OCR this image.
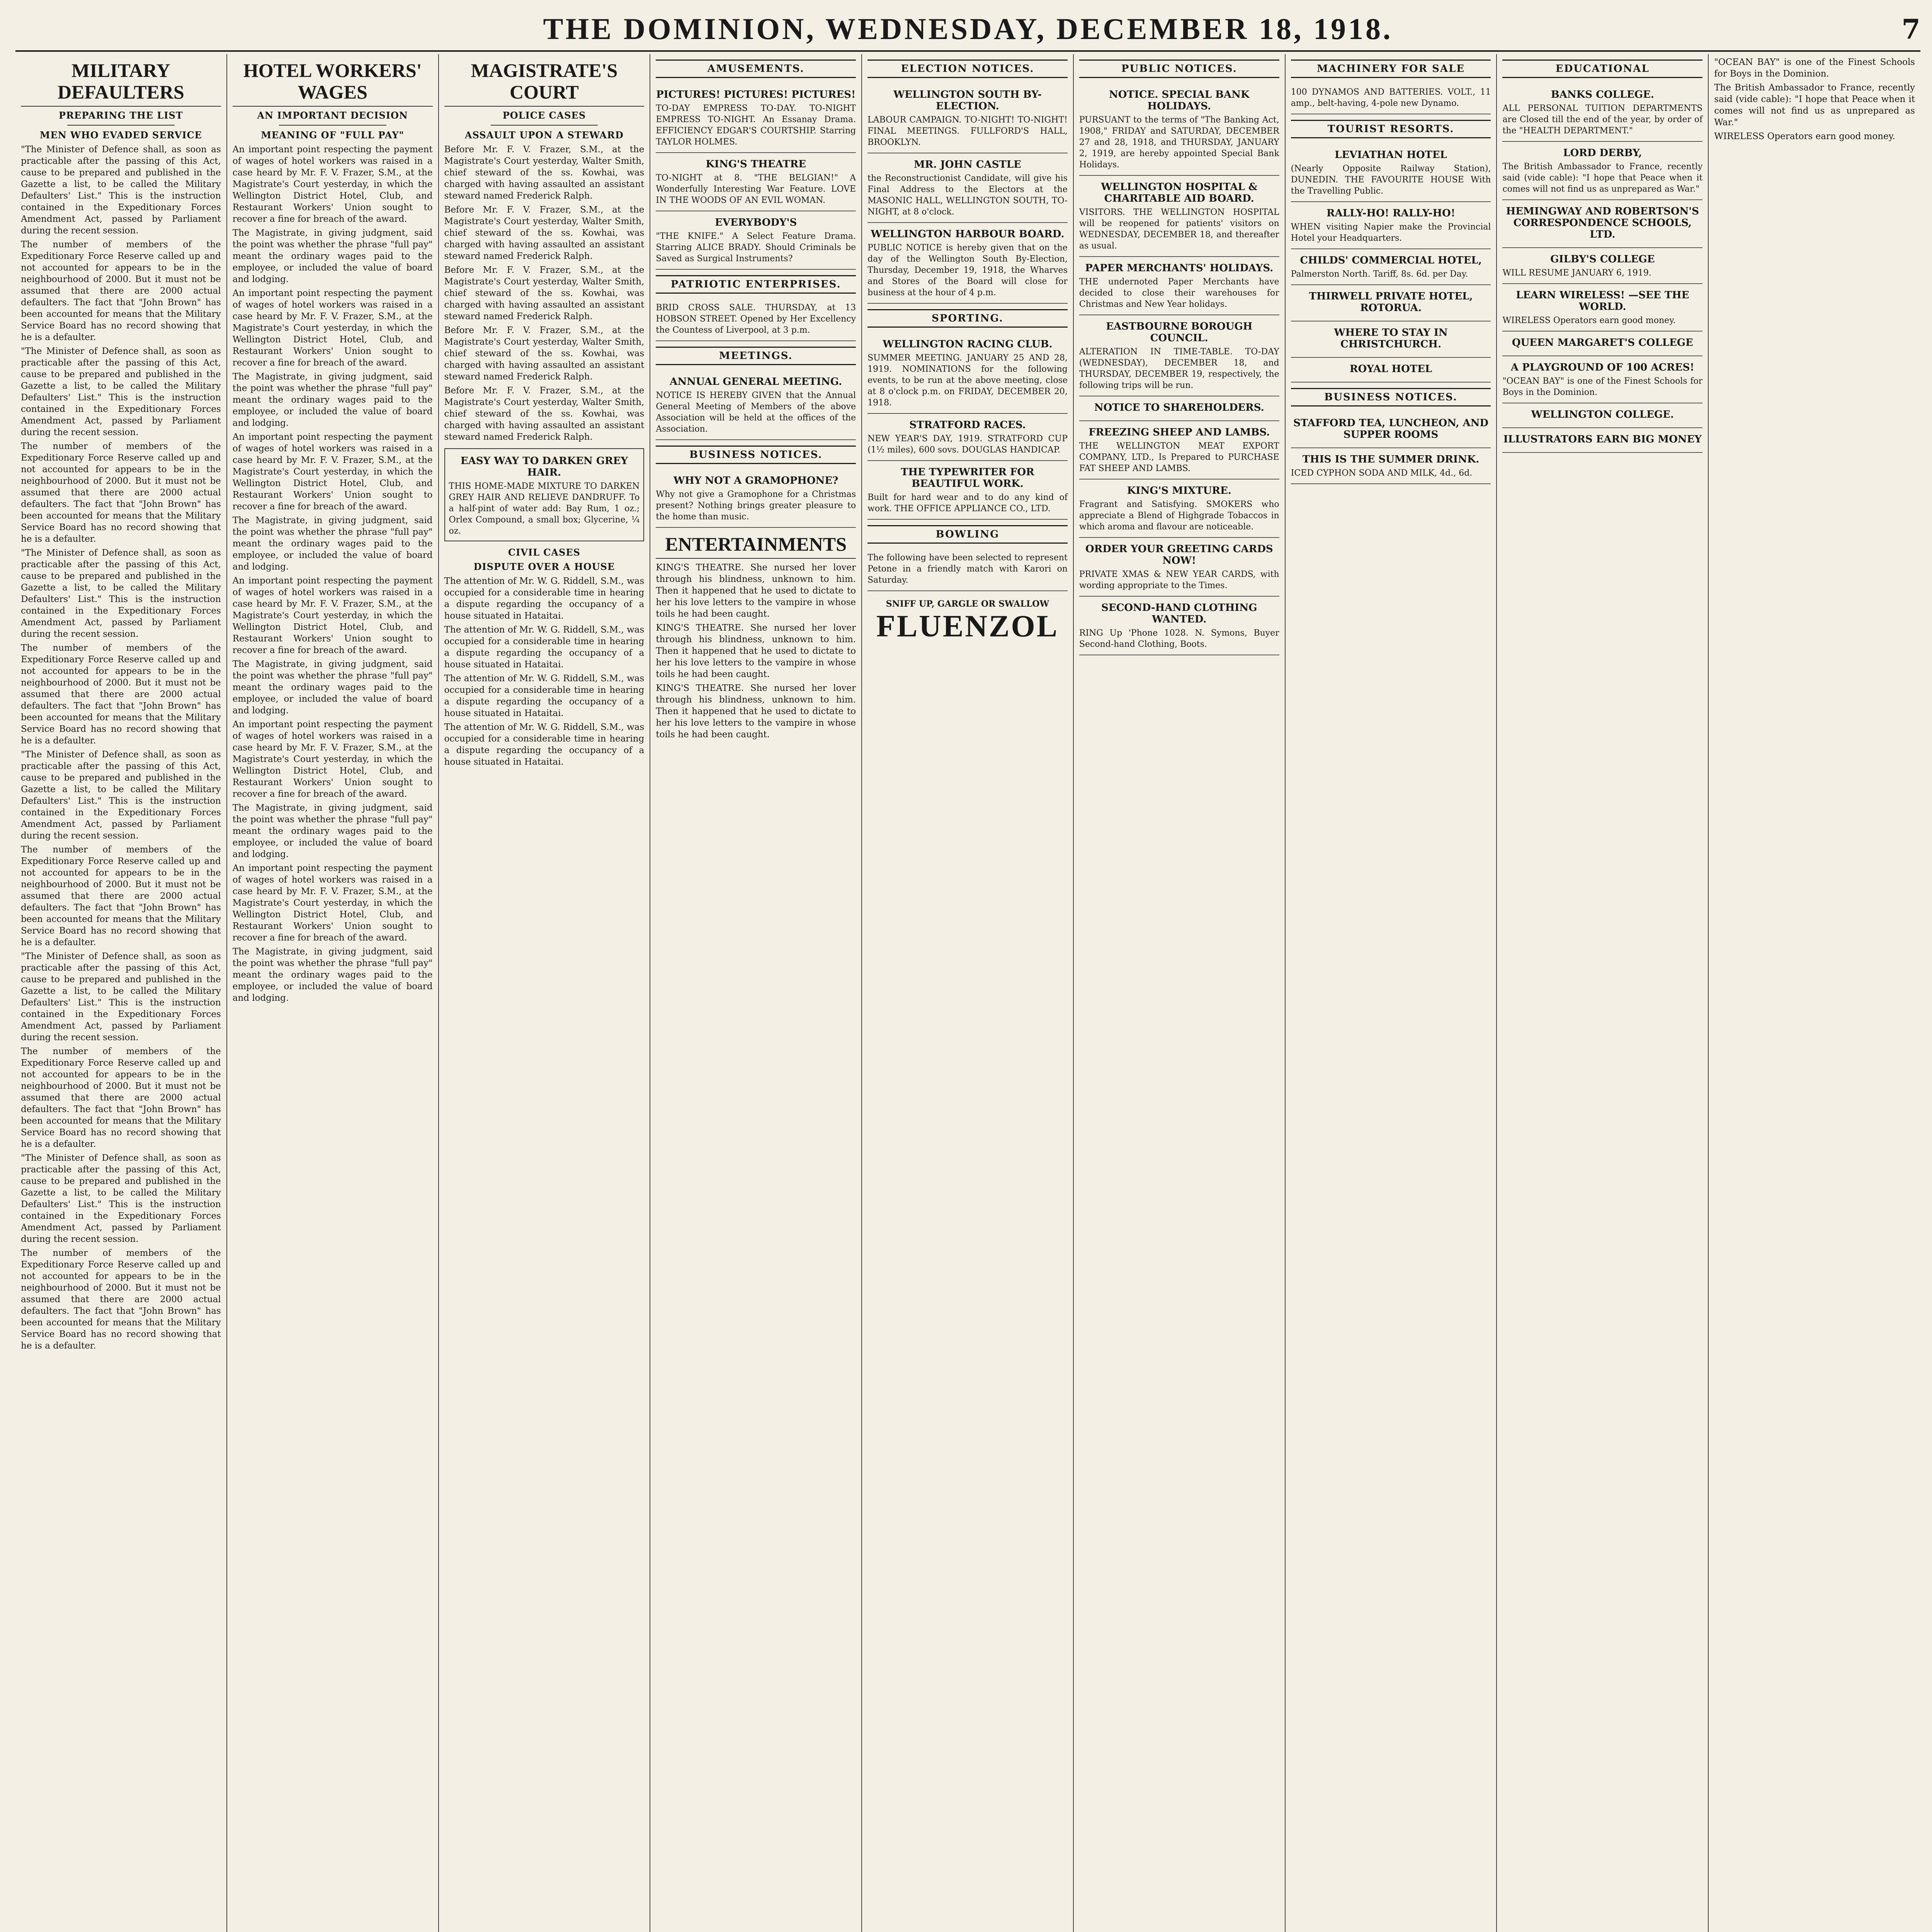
THE DOMINION, WEDNESDAY, DECEMBER 18, 1918.	7
MILITARY DEFAULTERS
PREPARING THE LIST
MEN WHO EVADED SERVICE
"The Minister of Defence shall, as soon as practicable after the passing of this Act, cause to be prepared and published in the Gazette a list, to be called the Military Defaulters' List." This is the instruction contained in the Expeditionary Forces Amendment Act, passed by Parliament during the recent session.
The number of members of the Expeditionary Force Reserve called up and not accounted for appears to be in the neighbourhood of 2000. But it must not be assumed that there are 2000 actual defaulters. The fact that "John Brown" has been accounted for means that the Military Service Board has no record showing that he is a defaulter.
"The Minister of Defence shall, as soon as practicable after the passing of this Act, cause to be prepared and published in the Gazette a list, to be called the Military Defaulters' List." This is the instruction contained in the Expeditionary Forces Amendment Act, passed by Parliament during the recent session.
The number of members of the Expeditionary Force Reserve called up and not accounted for appears to be in the neighbourhood of 2000. But it must not be assumed that there are 2000 actual defaulters. The fact that "John Brown" has been accounted for means that the Military Service Board has no record showing that he is a defaulter.
"The Minister of Defence shall, as soon as practicable after the passing of this Act, cause to be prepared and published in the Gazette a list, to be called the Military Defaulters' List." This is the instruction contained in the Expeditionary Forces Amendment Act, passed by Parliament during the recent session.
The number of members of the Expeditionary Force Reserve called up and not accounted for appears to be in the neighbourhood of 2000. But it must not be assumed that there are 2000 actual defaulters. The fact that "John Brown" has been accounted for means that the Military Service Board has no record showing that he is a defaulter.
"The Minister of Defence shall, as soon as practicable after the passing of this Act, cause to be prepared and published in the Gazette a list, to be called the Military Defaulters' List." This is the instruction contained in the Expeditionary Forces Amendment Act, passed by Parliament during the recent session.
The number of members of the Expeditionary Force Reserve called up and not accounted for appears to be in the neighbourhood of 2000. But it must not be assumed that there are 2000 actual defaulters. The fact that "John Brown" has been accounted for means that the Military Service Board has no record showing that he is a defaulter.
"The Minister of Defence shall, as soon as practicable after the passing of this Act, cause to be prepared and published in the Gazette a list, to be called the Military Defaulters' List." This is the instruction contained in the Expeditionary Forces Amendment Act, passed by Parliament during the recent session.
The number of members of the Expeditionary Force Reserve called up and not accounted for appears to be in the neighbourhood of 2000. But it must not be assumed that there are 2000 actual defaulters. The fact that "John Brown" has been accounted for means that the Military Service Board has no record showing that he is a defaulter.
"The Minister of Defence shall, as soon as practicable after the passing of this Act, cause to be prepared and published in the Gazette a list, to be called the Military Defaulters' List." This is the instruction contained in the Expeditionary Forces Amendment Act, passed by Parliament during the recent session.
The number of members of the Expeditionary Force Reserve called up and not accounted for appears to be in the neighbourhood of 2000. But it must not be assumed that there are 2000 actual defaulters. The fact that "John Brown" has been accounted for means that the Military Service Board has no record showing that he is a defaulter.
HOTEL WORKERS' WAGES
AN IMPORTANT DECISION
MEANING OF "FULL PAY"
An important point respecting the payment of wages of hotel workers was raised in a case heard by Mr. F. V. Frazer, S.M., at the Magistrate's Court yesterday, in which the Wellington District Hotel, Club, and Restaurant Workers' Union sought to recover a fine for breach of the award.
The Magistrate, in giving judgment, said the point was whether the phrase "full pay" meant the ordinary wages paid to the employee, or included the value of board and lodging.
An important point respecting the payment of wages of hotel workers was raised in a case heard by Mr. F. V. Frazer, S.M., at the Magistrate's Court yesterday, in which the Wellington District Hotel, Club, and Restaurant Workers' Union sought to recover a fine for breach of the award.
The Magistrate, in giving judgment, said the point was whether the phrase "full pay" meant the ordinary wages paid to the employee, or included the value of board and lodging.
An important point respecting the payment of wages of hotel workers was raised in a case heard by Mr. F. V. Frazer, S.M., at the Magistrate's Court yesterday, in which the Wellington District Hotel, Club, and Restaurant Workers' Union sought to recover a fine for breach of the award.
The Magistrate, in giving judgment, said the point was whether the phrase "full pay" meant the ordinary wages paid to the employee, or included the value of board and lodging.
An important point respecting the payment of wages of hotel workers was raised in a case heard by Mr. F. V. Frazer, S.M., at the Magistrate's Court yesterday, in which the Wellington District Hotel, Club, and Restaurant Workers' Union sought to recover a fine for breach of the award.
The Magistrate, in giving judgment, said the point was whether the phrase "full pay" meant the ordinary wages paid to the employee, or included the value of board and lodging.
An important point respecting the payment of wages of hotel workers was raised in a case heard by Mr. F. V. Frazer, S.M., at the Magistrate's Court yesterday, in which the Wellington District Hotel, Club, and Restaurant Workers' Union sought to recover a fine for breach of the award.
The Magistrate, in giving judgment, said the point was whether the phrase "full pay" meant the ordinary wages paid to the employee, or included the value of board and lodging.
An important point respecting the payment of wages of hotel workers was raised in a case heard by Mr. F. V. Frazer, S.M., at the Magistrate's Court yesterday, in which the Wellington District Hotel, Club, and Restaurant Workers' Union sought to recover a fine for breach of the award.
The Magistrate, in giving judgment, said the point was whether the phrase "full pay" meant the ordinary wages paid to the employee, or included the value of board and lodging.
MAGISTRATE'S COURT
POLICE CASES
ASSAULT UPON A STEWARD
Before Mr. F. V. Frazer, S.M., at the Magistrate's Court yesterday, Walter Smith, chief steward of the ss. Kowhai, was charged with having assaulted an assistant steward named Frederick Ralph.
Before Mr. F. V. Frazer, S.M., at the Magistrate's Court yesterday, Walter Smith, chief steward of the ss. Kowhai, was charged with having assaulted an assistant steward named Frederick Ralph.
Before Mr. F. V. Frazer, S.M., at the Magistrate's Court yesterday, Walter Smith, chief steward of the ss. Kowhai, was charged with having assaulted an assistant steward named Frederick Ralph.
Before Mr. F. V. Frazer, S.M., at the Magistrate's Court yesterday, Walter Smith, chief steward of the ss. Kowhai, was charged with having assaulted an assistant steward named Frederick Ralph.
Before Mr. F. V. Frazer, S.M., at the Magistrate's Court yesterday, Walter Smith, chief steward of the ss. Kowhai, was charged with having assaulted an assistant steward named Frederick Ralph.
EASY WAY TO DARKEN GREY HAIR.
THIS HOME-MADE MIXTURE TO DARKEN GREY HAIR AND RELIEVE DANDRUFF. To a half-pint of water add: Bay Rum, 1 oz.; Orlex Compound, a small box; Glycerine, ¼ oz.
CIVIL CASES
DISPUTE OVER A HOUSE
The attention of Mr. W. G. Riddell, S.M., was occupied for a considerable time in hearing a dispute regarding the occupancy of a house situated in Hataitai.
The attention of Mr. W. G. Riddell, S.M., was occupied for a considerable time in hearing a dispute regarding the occupancy of a house situated in Hataitai.
The attention of Mr. W. G. Riddell, S.M., was occupied for a considerable time in hearing a dispute regarding the occupancy of a house situated in Hataitai.
The attention of Mr. W. G. Riddell, S.M., was occupied for a considerable time in hearing a dispute regarding the occupancy of a house situated in Hataitai.
AMUSEMENTS.
PICTURES! PICTURES! PICTURES!
TO-DAY EMPRESS TO-DAY. TO-NIGHT EMPRESS TO-NIGHT. An Essanay Drama. EFFICIENCY EDGAR'S COURTSHIP. Starring TAYLOR HOLMES.
KING'S THEATRE
TO-NIGHT at 8. "THE BELGIAN!" A Wonderfully Interesting War Feature. LOVE IN THE WOODS OF AN EVIL WOMAN.
EVERYBODY'S
"THE KNIFE." A Select Feature Drama. Starring ALICE BRADY. Should Criminals be Saved as Surgical Instruments?
PATRIOTIC ENTERPRISES.
BRID CROSS SALE. THURSDAY, at 13 HOBSON STREET. Opened by Her Excellency the Countess of Liverpool, at 3 p.m.
MEETINGS.
ANNUAL GENERAL MEETING.
NOTICE IS HEREBY GIVEN that the Annual General Meeting of Members of the above Association will be held at the offices of the Association.
BUSINESS NOTICES.
WHY NOT A GRAMOPHONE?
Why not give a Gramophone for a Christmas present? Nothing brings greater pleasure to the home than music.
ENTERTAINMENTS
KING'S THEATRE. She nursed her lover through his blindness, unknown to him. Then it happened that he used to dictate to her his love letters to the vampire in whose toils he had been caught.
KING'S THEATRE. She nursed her lover through his blindness, unknown to him. Then it happened that he used to dictate to her his love letters to the vampire in whose toils he had been caught.
KING'S THEATRE. She nursed her lover through his blindness, unknown to him. Then it happened that he used to dictate to her his love letters to the vampire in whose toils he had been caught.
ELECTION NOTICES.
WELLINGTON SOUTH BY-ELECTION.
LABOUR CAMPAIGN. TO-NIGHT! TO-NIGHT! FINAL MEETINGS. FULLFORD'S HALL, BROOKLYN.
MR. JOHN CASTLE
the Reconstructionist Candidate, will give his Final Address to the Electors at the MASONIC HALL, WELLINGTON SOUTH, TO-NIGHT, at 8 o'clock.
WELLINGTON HARBOUR BOARD.
PUBLIC NOTICE is hereby given that on the day of the Wellington South By-Election, Thursday, December 19, 1918, the Wharves and Stores of the Board will close for business at the hour of 4 p.m.
SPORTING.
WELLINGTON RACING CLUB.
SUMMER MEETING. JANUARY 25 AND 28, 1919. NOMINATIONS for the following events, to be run at the above meeting, close at 8 o'clock p.m. on FRIDAY, DECEMBER 20, 1918.
STRATFORD RACES.
NEW YEAR'S DAY, 1919. STRATFORD CUP (1½ miles), 600 sovs. DOUGLAS HANDICAP.
THE TYPEWRITER FOR BEAUTIFUL WORK.
Built for hard wear and to do any kind of work. THE OFFICE APPLIANCE CO., LTD.
BOWLING
The following have been selected to represent Petone in a friendly match with Karori on Saturday.
SNIFF UP, GARGLE OR SWALLOW
FLUENZOL
PUBLIC NOTICES.
NOTICE. SPECIAL BANK HOLIDAYS.
PURSUANT to the terms of "The Banking Act, 1908," FRIDAY and SATURDAY, DECEMBER 27 and 28, 1918, and THURSDAY, JANUARY 2, 1919, are hereby appointed Special Bank Holidays.
WELLINGTON HOSPITAL & CHARITABLE AID BOARD.
VISITORS. THE WELLINGTON HOSPITAL will be reopened for patients' visitors on WEDNESDAY, DECEMBER 18, and thereafter as usual.
PAPER MERCHANTS' HOLIDAYS.
THE undernoted Paper Merchants have decided to close their warehouses for Christmas and New Year holidays.
EASTBOURNE BOROUGH COUNCIL.
ALTERATION IN TIME-TABLE. TO-DAY (WEDNESDAY), DECEMBER 18, and THURSDAY, DECEMBER 19, respectively, the following trips will be run.
NOTICE TO SHAREHOLDERS.
FREEZING SHEEP AND LAMBS.
THE WELLINGTON MEAT EXPORT COMPANY, LTD., Is Prepared to PURCHASE FAT SHEEP AND LAMBS.
KING'S MIXTURE.
Fragrant and Satisfying. SMOKERS who appreciate a Blend of Highgrade Tobaccos in which aroma and flavour are noticeable.
ORDER YOUR GREETING CARDS NOW!
PRIVATE XMAS & NEW YEAR CARDS, with wording appropriate to the Times.
SECOND-HAND CLOTHING WANTED.
RING Up 'Phone 1028. N. Symons, Buyer Second-hand Clothing, Boots.
MACHINERY FOR SALE
100 DYNAMOS AND BATTERIES. VOLT., 11 amp., belt-having, 4-pole new Dynamo.
TOURIST RESORTS.
LEVIATHAN HOTEL
(Nearly Opposite Railway Station), DUNEDIN. THE FAVOURITE HOUSE With the Travelling Public.
RALLY-HO! RALLY-HO!
WHEN visiting Napier make the Provincial Hotel your Headquarters.
CHILDS' COMMERCIAL HOTEL,
Palmerston North. Tariff, 8s. 6d. per Day.
THIRWELL PRIVATE HOTEL, ROTORUA.
WHERE TO STAY IN CHRISTCHURCH.
ROYAL HOTEL
BUSINESS NOTICES.
STAFFORD TEA, LUNCHEON, AND SUPPER ROOMS
THIS IS THE SUMMER DRINK.
ICED CYPHON SODA AND MILK, 4d., 6d.
EDUCATIONAL
BANKS COLLEGE.
ALL PERSONAL TUITION DEPARTMENTS are Closed till the end of the year, by order of the "HEALTH DEPARTMENT."
LORD DERBY,
The British Ambassador to France, recently said (vide cable): "I hope that Peace when it comes will not find us as unprepared as War."
HEMINGWAY AND ROBERTSON'S CORRESPONDENCE SCHOOLS, LTD.
GILBY'S COLLEGE
WILL RESUME JANUARY 6, 1919.
LEARN WIRELESS! —SEE THE WORLD.
WIRELESS Operators earn good money.
QUEEN MARGARET'S COLLEGE
A PLAYGROUND OF 100 ACRES!
"OCEAN BAY" is one of the Finest Schools for Boys in the Dominion.
WELLINGTON COLLEGE.
ILLUSTRATORS EARN BIG MONEY
"OCEAN BAY" is one of the Finest Schools for Boys in the Dominion.
The British Ambassador to France, recently said (vide cable): "I hope that Peace when it comes will not find us as unprepared as War."
WIRELESS Operators earn good money.
